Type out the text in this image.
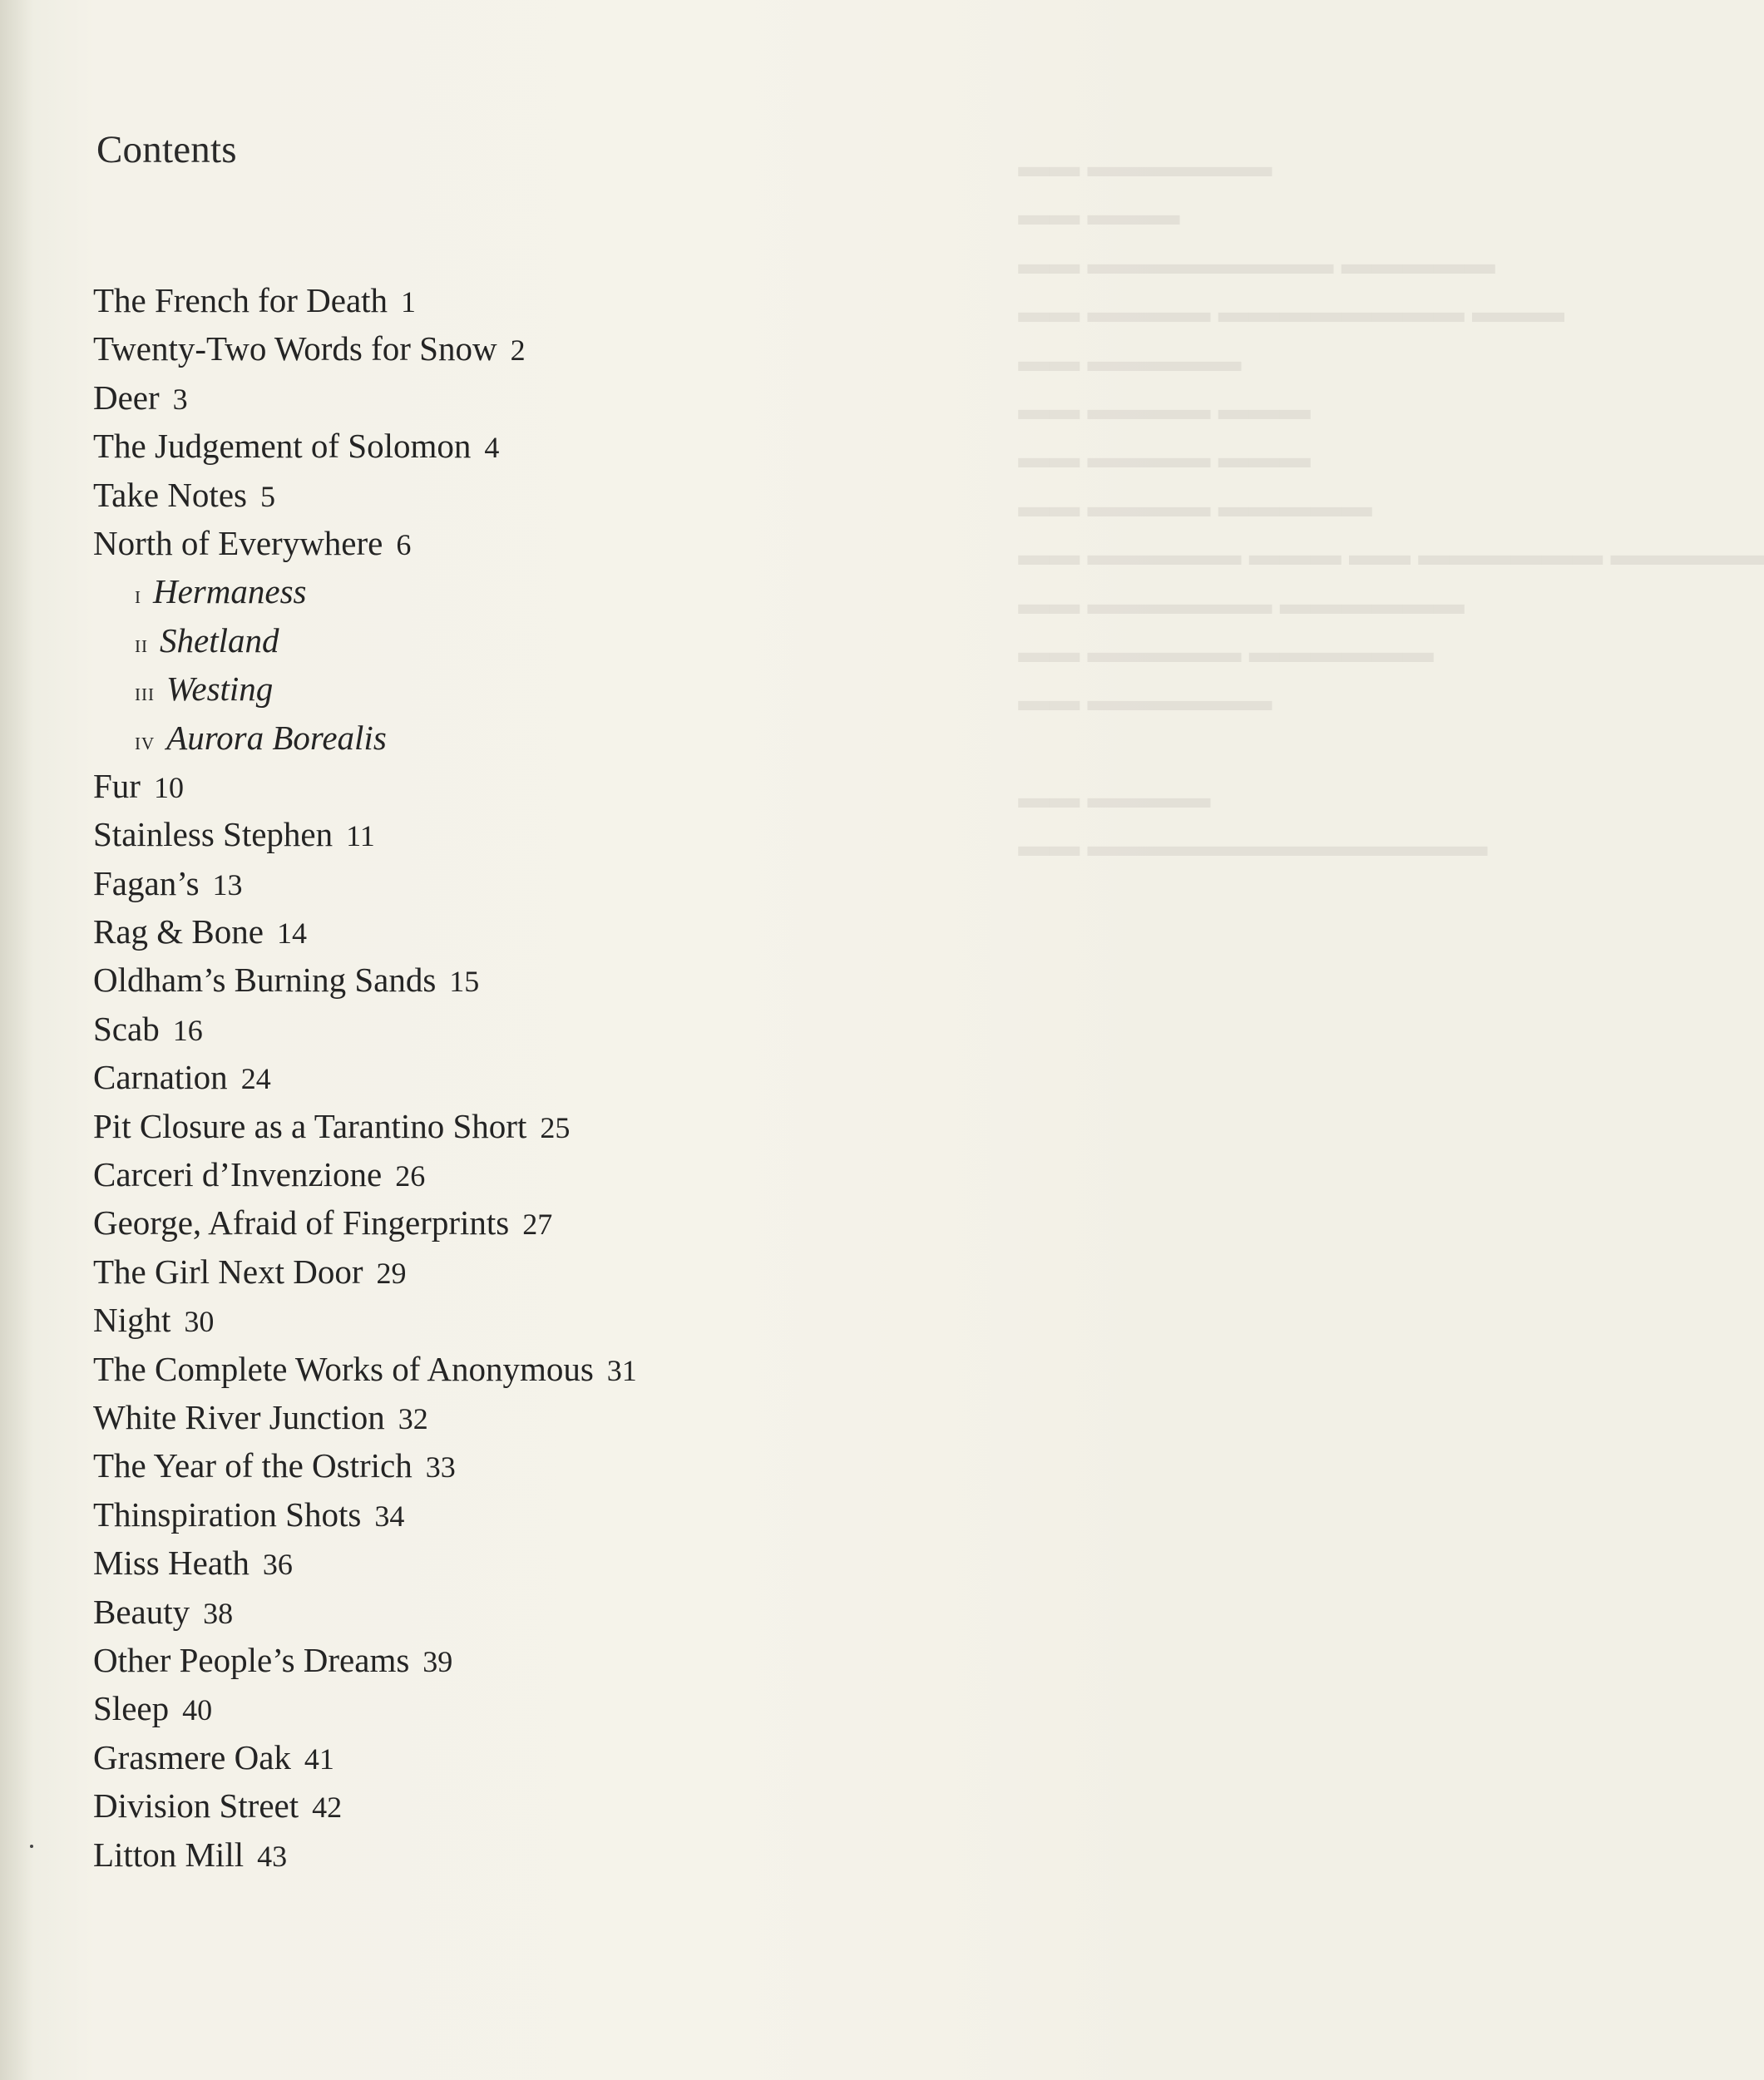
▬▬▬▬▬▬ ▬▬
▬▬▬ ▬▬
▬▬▬▬▬ ▬▬▬▬▬▬▬▬ ▬▬
▬▬▬ ▬▬▬▬▬▬▬▬ ▬▬▬▬ ▬▬
▬▬▬▬▬ ▬▬
▬▬▬ ▬▬▬▬ ▬▬
▬▬▬ ▬▬▬▬ ▬▬
▬▬▬▬▬ ▬▬▬▬ ▬▬
▬▬▬▬▬ ▬▬▬▬▬▬ ▬▬ ▬▬▬ ▬▬▬▬▬ ▬▬
▬▬▬▬▬▬ ▬▬▬▬▬▬ ▬▬
▬▬▬▬▬▬ ▬▬▬▬▬ ▬▬
▬▬▬▬▬▬ ▬▬
▬▬▬▬ ▬▬
▬▬▬▬▬▬▬▬▬▬▬▬▬ ▬▬
Contents
The French for Death 1
Twenty-Two Words for Snow 2
Deer 3
The Judgement of Solomon 4
Take Notes 5
North of Everywhere 6
i Hermaness
ii Shetland
iii Westing
iv Aurora Borealis
Fur 10
Stainless Stephen 11
Fagan’s 13
Rag & Bone 14
Oldham’s Burning Sands 15
Scab 16
Carnation 24
Pit Closure as a Tarantino Short 25
Carceri d’Invenzione 26
George, Afraid of Fingerprints 27
The Girl Next Door 29
Night 30
The Complete Works of Anonymous 31
White River Junction 32
The Year of the Ostrich 33
Thinspiration Shots 34
Miss Heath 36
Beauty 38
Other People’s Dreams 39
Sleep 40
Grasmere Oak 41
Division Street 42
Litton Mill 43
